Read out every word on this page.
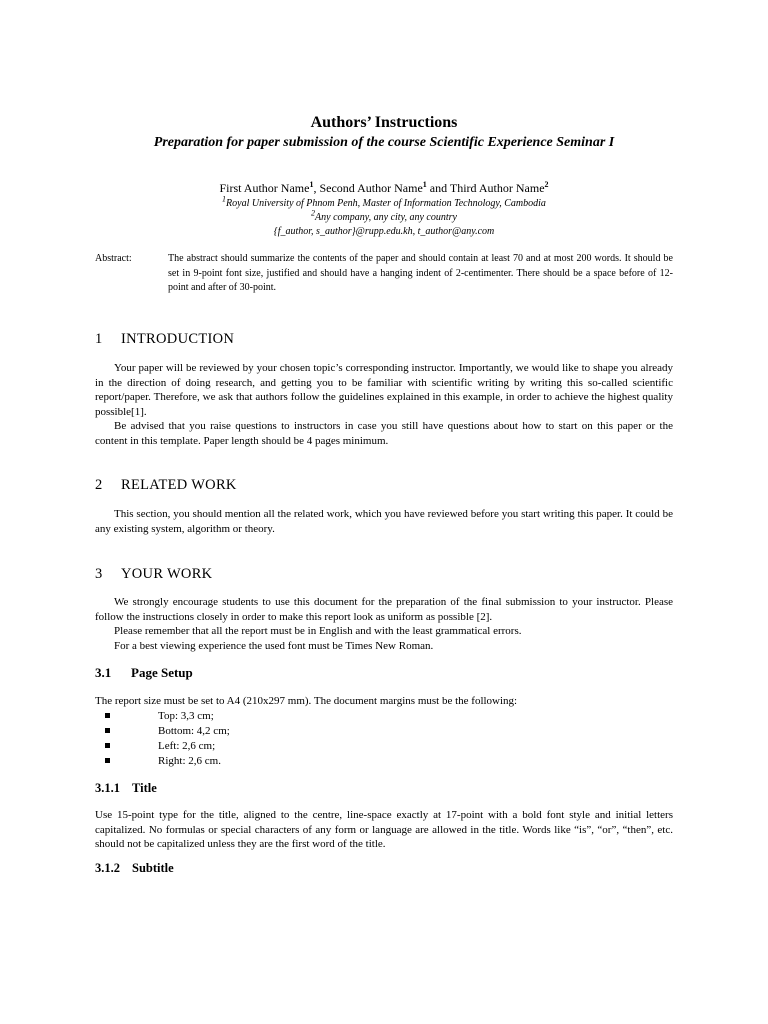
Authors’ Instructions
Preparation for paper submission of the course Scientific Experience Seminar I
First Author Name$^1$, Second Author Name$^1$ and Third Author Name$^2$
$^1$Royal University of Phnom Penh, Master of Information Technology, Cambodia
$^2$Any company, any city, any country
{f_author, s_author}@rupp.edu.kh, t_author@any.com
Abstract:	The abstract should summarize the contents of the paper and should contain at least 70 and at most 200 words. It should be set in 9-point font size, justified and should have a hanging indent of 2-centimenter. There should be a space before of 12-point and after of 30-point.
1 INTRODUCTION

Your paper will be reviewed by your chosen topic’s corresponding instructor. Importantly, we would like to shape you already in the direction of doing research, and getting you to be familiar with scientific writing by writing this so-called scientific report/paper. Therefore, we ask that authors follow the guidelines explained in this example, in order to achieve the highest quality possible[1].

Be advised that you raise questions to instructors in case you still have questions about how to start on this paper or the content in this template. Paper length should be 4 pages minimum.

2 RELATED WORK

This section, you should mention all the related work, which you have reviewed before you start writing this paper. It could be any existing system, algorithm or theory.

3 YOUR WORK

We strongly encourage students to use this document for the preparation of the final submission to your instructor. Please follow the instructions closely in order to make this report look as uniform as possible [2].

Please remember that all the report must be in English and with the least grammatical errors.

For a best viewing experience the used font must be Times New Roman.

3.1 Page Setup

The report size must be set to A4 (210x297 mm). The document margins must be the following:

Top: 3,3 cm;
Bottom: 4,2 cm;
Left: 2,6 cm;
Right: 2,6 cm.
3.1.1 Title

Use 15-point type for the title, aligned to the centre, line-space exactly at 17-point with a bold font style and initial letters capitalized. No formulas or special characters of any form or language are allowed in the title. Words like “is”, “or”, “then”, etc. should not be capitalized unless they are the first word of the title.

3.1.2 Subtitle
